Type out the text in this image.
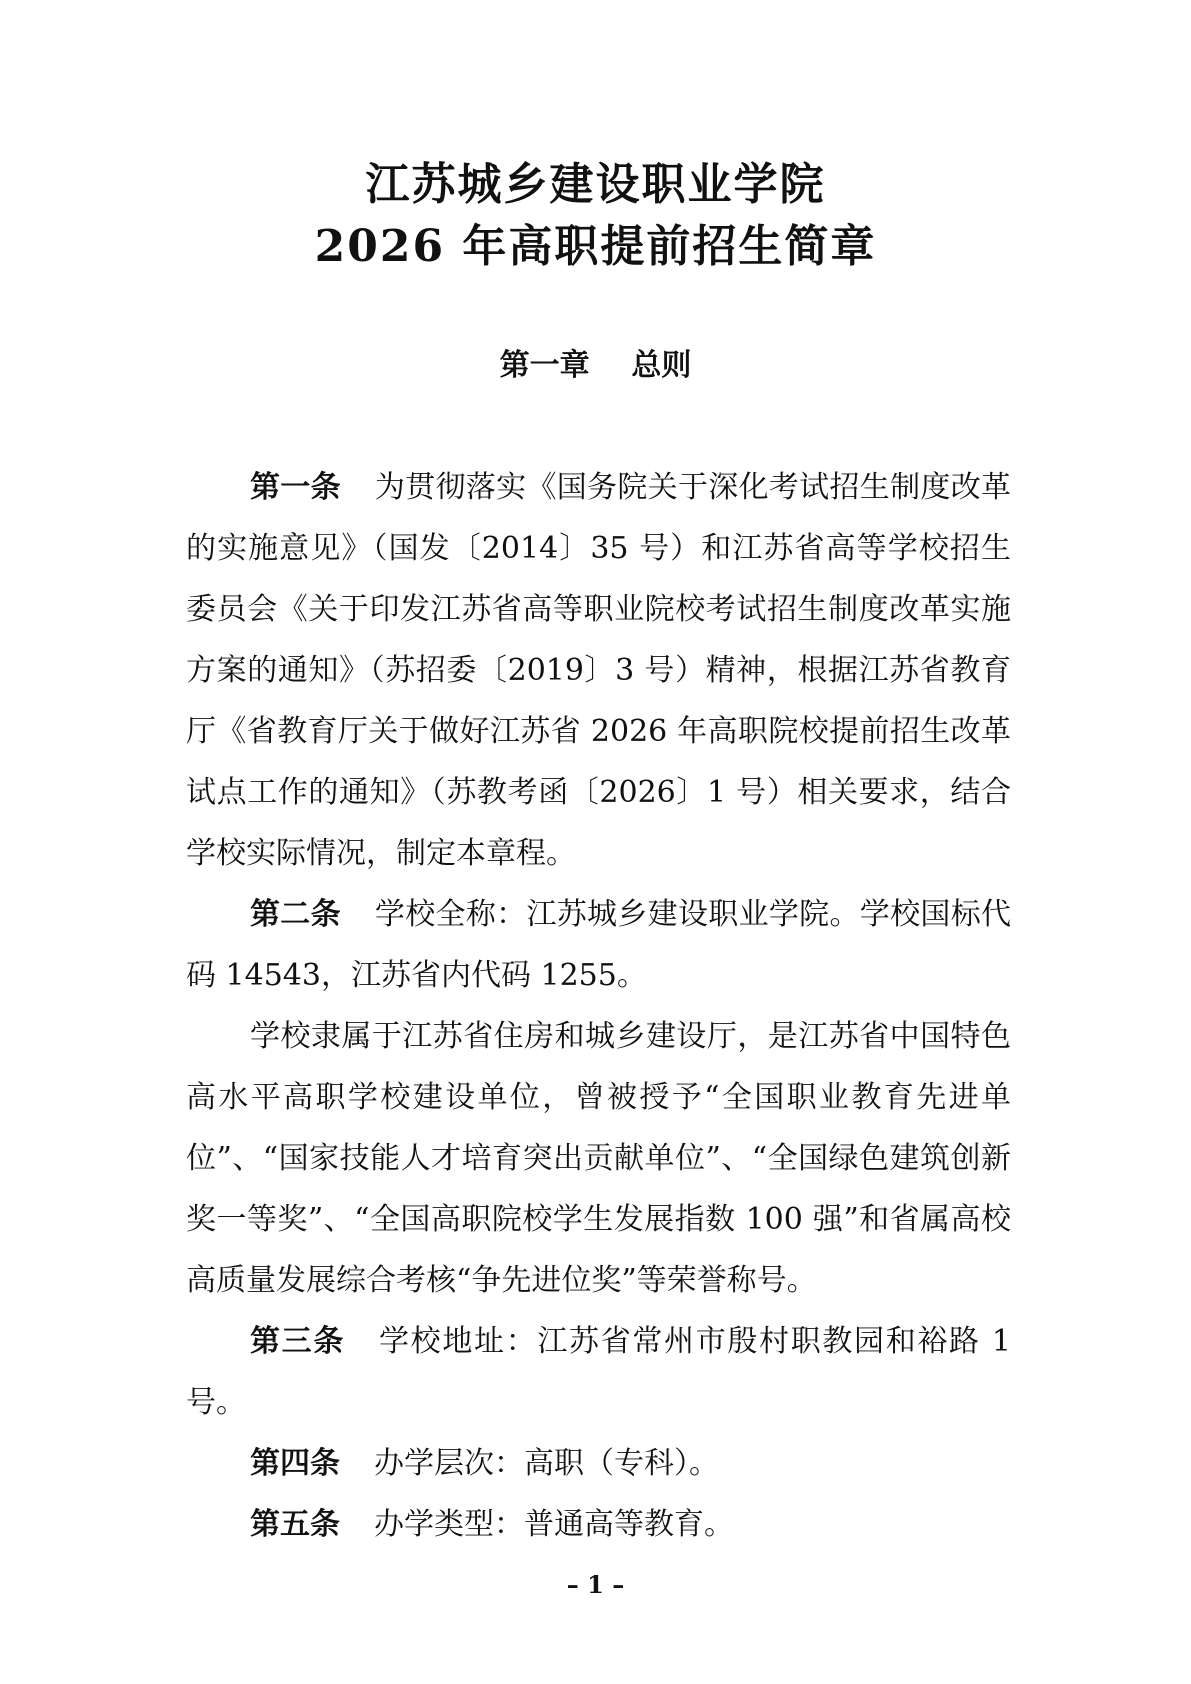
江苏城乡建设职业学院
2026 年高职提前招生简章
第一章    总则

第一条 为贯彻落实《国务院关于深化考试招生制度改革的实施意见》（国发〔2014〕35 号）和江苏省高等学校招生委员会《关于印发江苏省高等职业院校考试招生制度改革实施方案的通知》（苏招委〔2019〕3 号）精神，根据江苏省教育厅《省教育厅关于做好江苏省 2026 年高职院校提前招生改革试点工作的通知》（苏教考函〔2026〕1 号）相关要求，结合学校实际情况，制定本章程。

第二条 学校全称：江苏城乡建设职业学院。学校国标代码 14543，江苏省内代码 1255。

学校隶属于江苏省住房和城乡建设厅，是江苏省中国特色高水平高职学校建设单位，曾被授予“全国职业教育先进单位”、“国家技能人才培育突出贡献单位”、“全国绿色建筑创新奖一等奖”、“全国高职院校学生发展指数 100 强”和省属高校高质量发展综合考核“争先进位奖”等荣誉称号。

第三条 学校地址：江苏省常州市殷村职教园和裕路 1 号。

第四条 办学层次：高职（专科）。

第五条 办学类型：普通高等教育。

– 1 –
